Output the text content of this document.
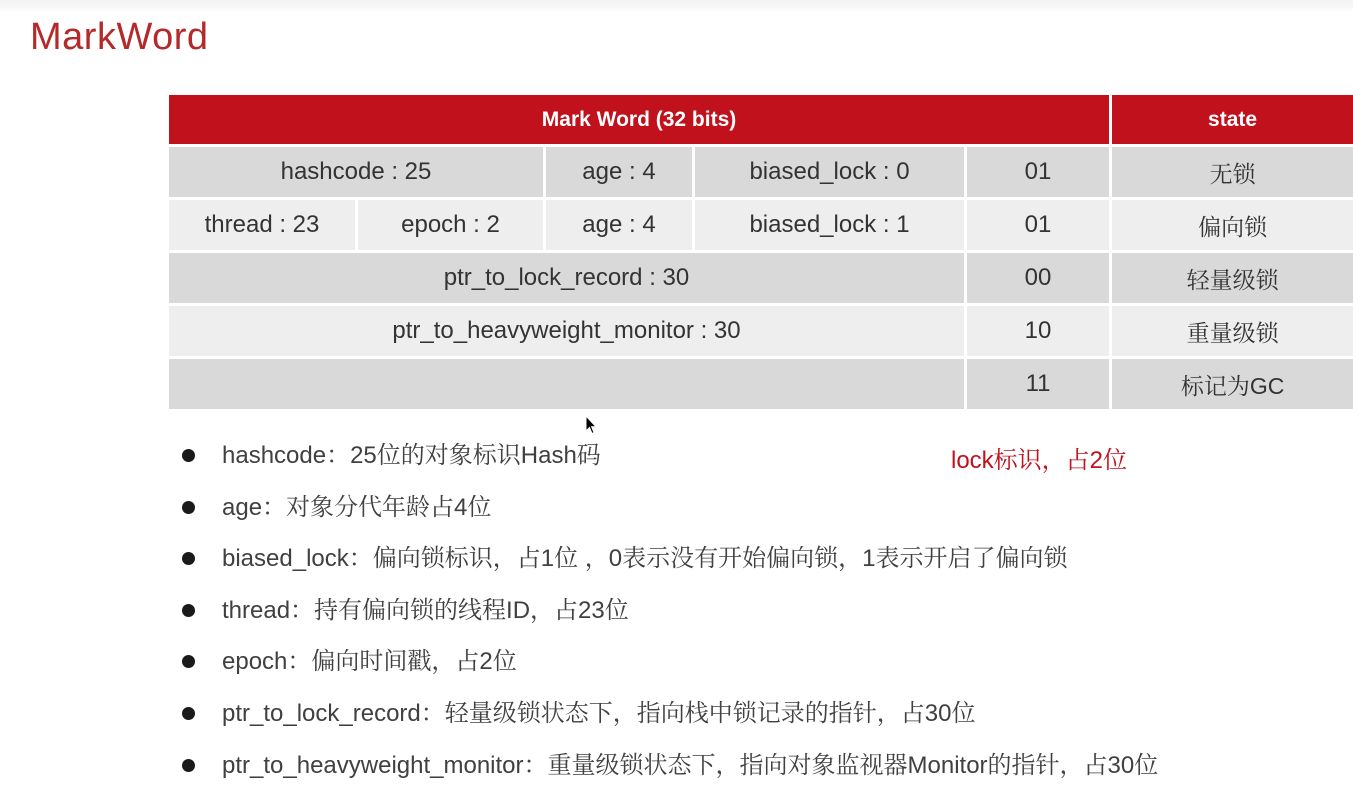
MarkWord
Mark Word (32 bits)					state
hashcode : 25		age : 4	biased_lock : 0	01	无锁
thread : 23	epoch : 2	age : 4	biased_lock : 1	01	偏向锁
ptr_to_lock_record : 30				00	轻量级锁
ptr_to_heavyweight_monitor : 30				10	重量级锁
				11	标记为GC
hashcode：25位的对象标识Hash码
age：对象分代年龄占4位
biased_lock：偏向锁标识，占1位 ，0表示没有开始偏向锁，1表示开启了偏向锁
thread：持有偏向锁的线程ID，占23位
epoch：偏向时间戳，占2位
ptr_to_lock_record：轻量级锁状态下，指向栈中锁记录的指针，占30位
ptr_to_heavyweight_monitor：重量级锁状态下，指向对象监视器Monitor的指针，占30位
lock标识，占2位
